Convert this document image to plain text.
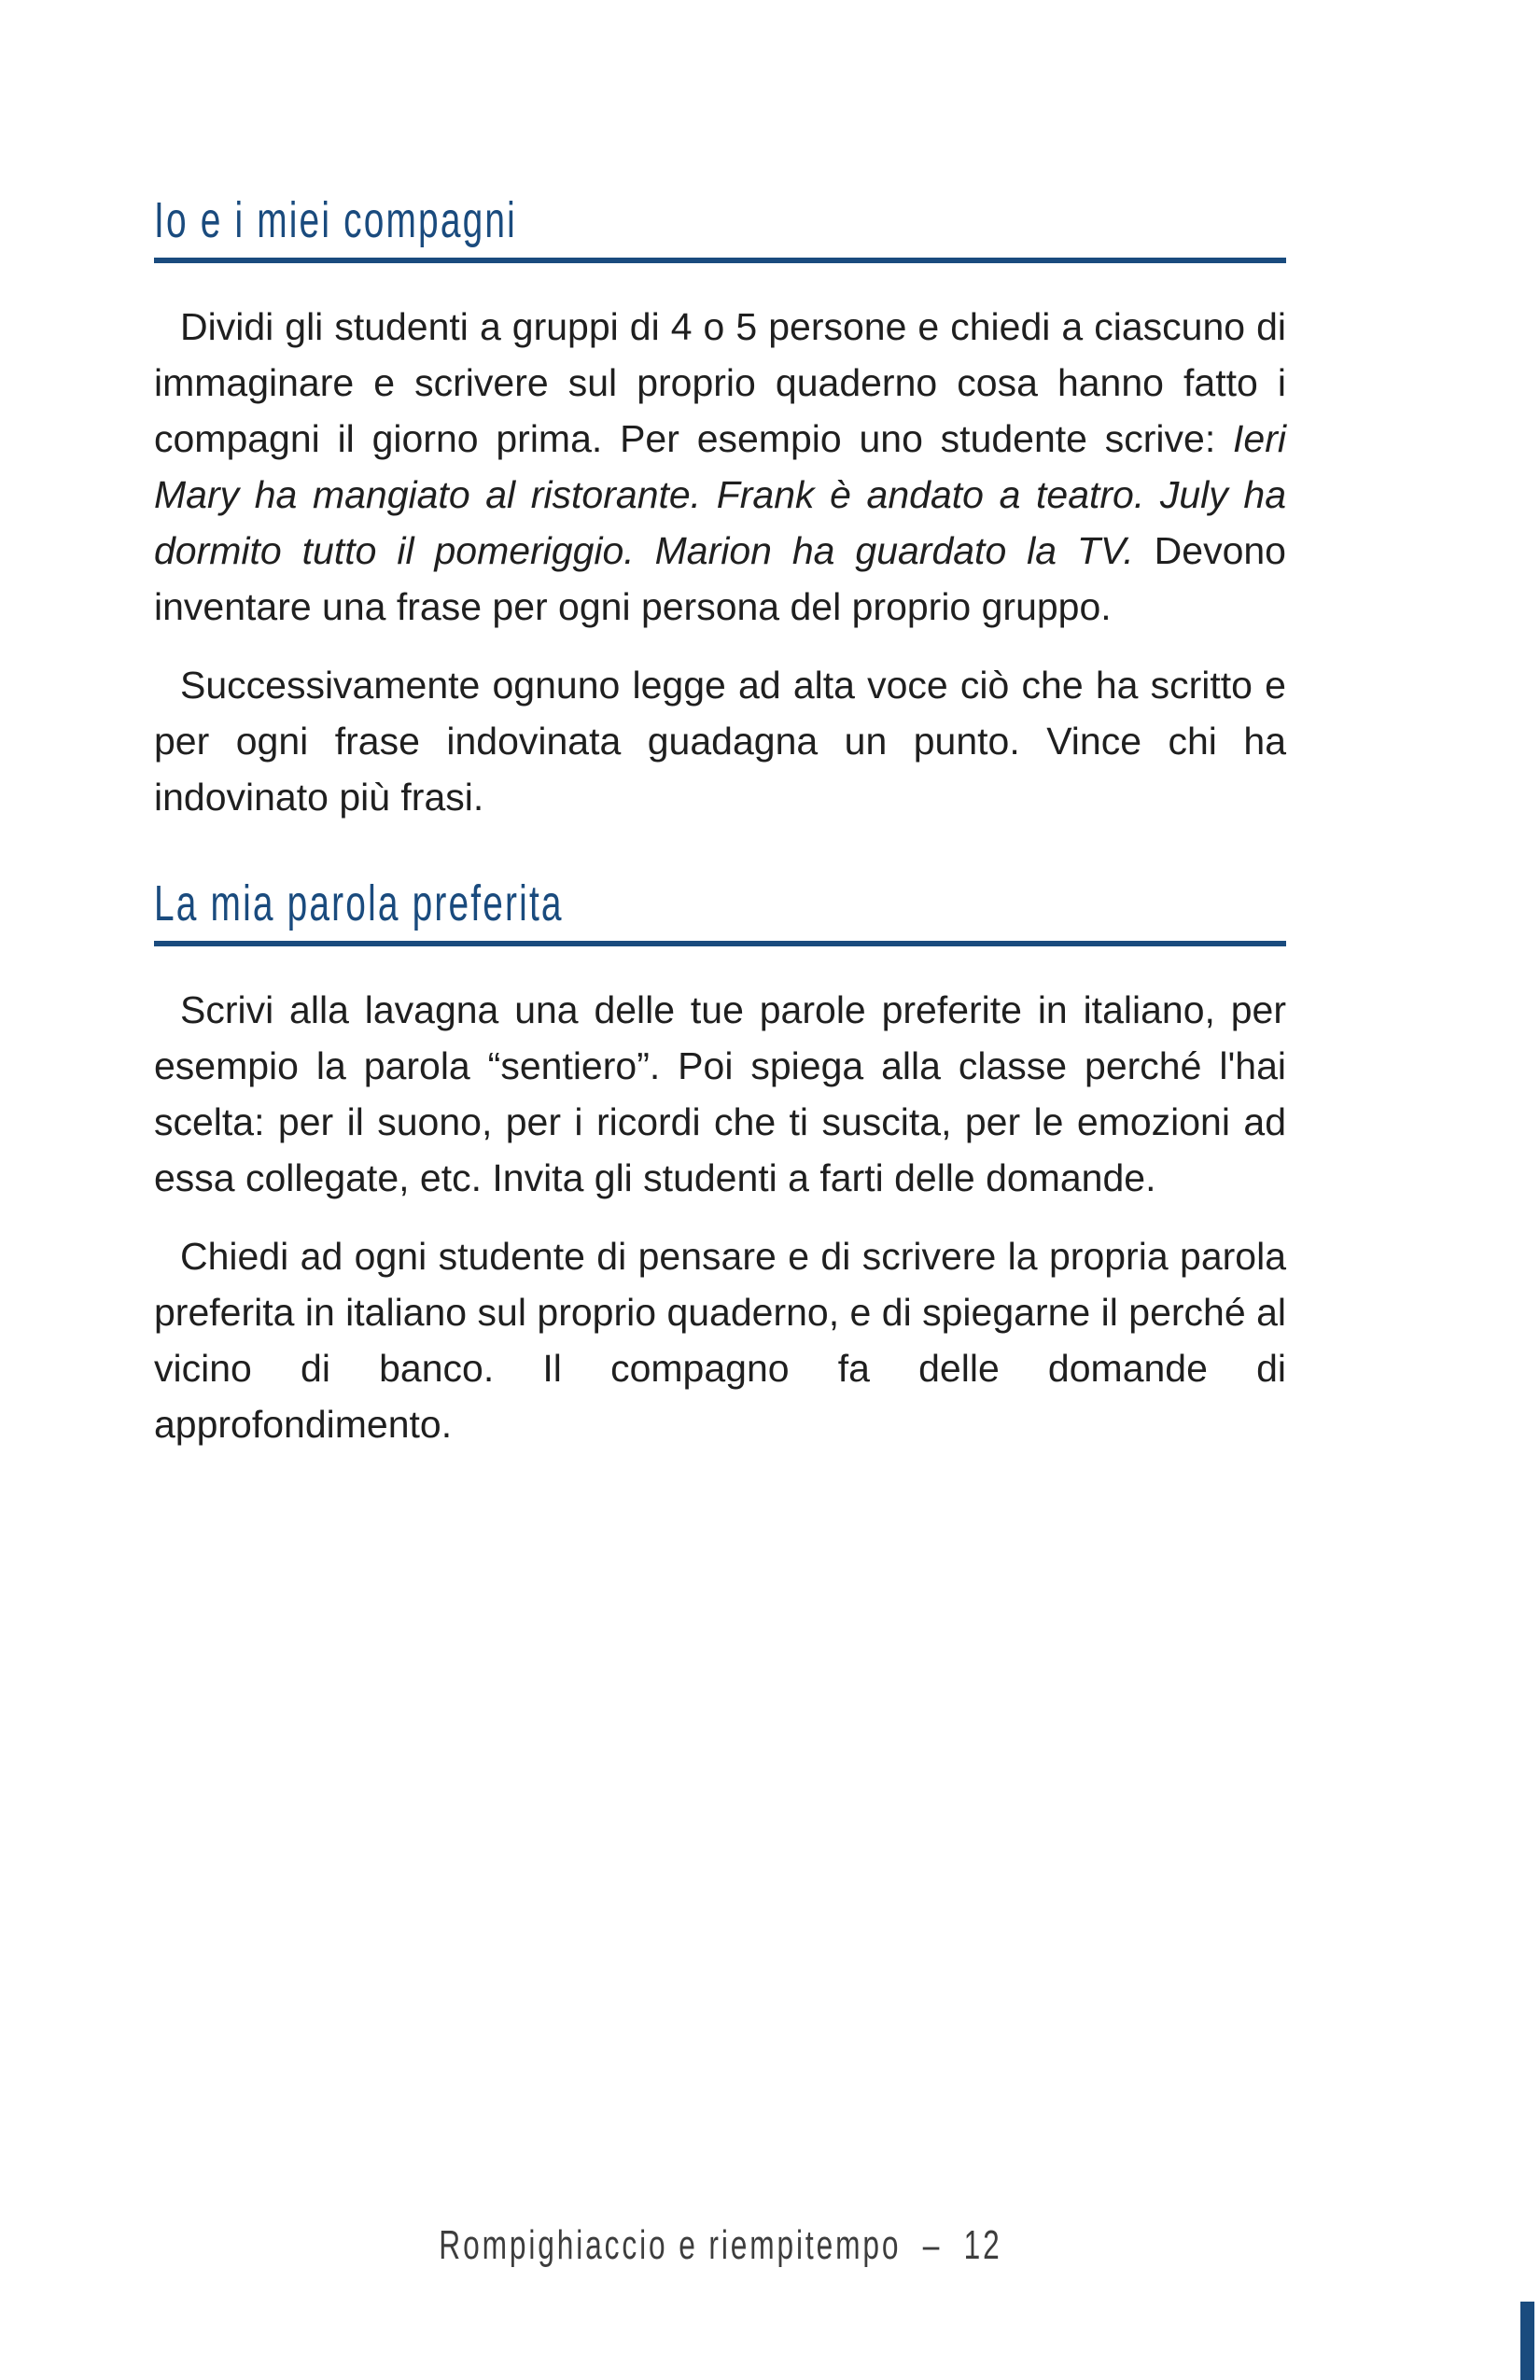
Io e i miei compagni

Dividi gli studenti a gruppi di 4 o 5 persone e chiedi a ciascuno di immaginare e scrivere sul proprio quaderno cosa hanno fatto i compagni il giorno prima. Per esempio uno studente scrive: Ieri Mary ha mangiato al ristorante. Frank è andato a teatro. July ha dormito tutto il pomeriggio. Marion ha guardato la TV. Devono inventare una frase per ogni persona del proprio gruppo.

Successivamente ognuno legge ad alta voce ciò che ha scritto e per ogni frase indovinata guadagna un punto. Vince chi ha indovinato più frasi.

La mia parola preferita

Scrivi alla lavagna una delle tue parole preferite in italiano, per esempio la parola “sentiero”. Poi spiega alla classe perché l'hai scelta: per il suono, per i ricordi che ti suscita, per le emozioni ad essa collegate, etc. Invita gli studenti a farti delle domande.

Chiedi ad ogni studente di pensare e di scrivere la propria parola preferita in italiano sul proprio quaderno, e di spiegarne il perché al vicino di banco. Il compagno fa delle domande di approfondimento.

Rompighiaccio e riempitempo – 12
